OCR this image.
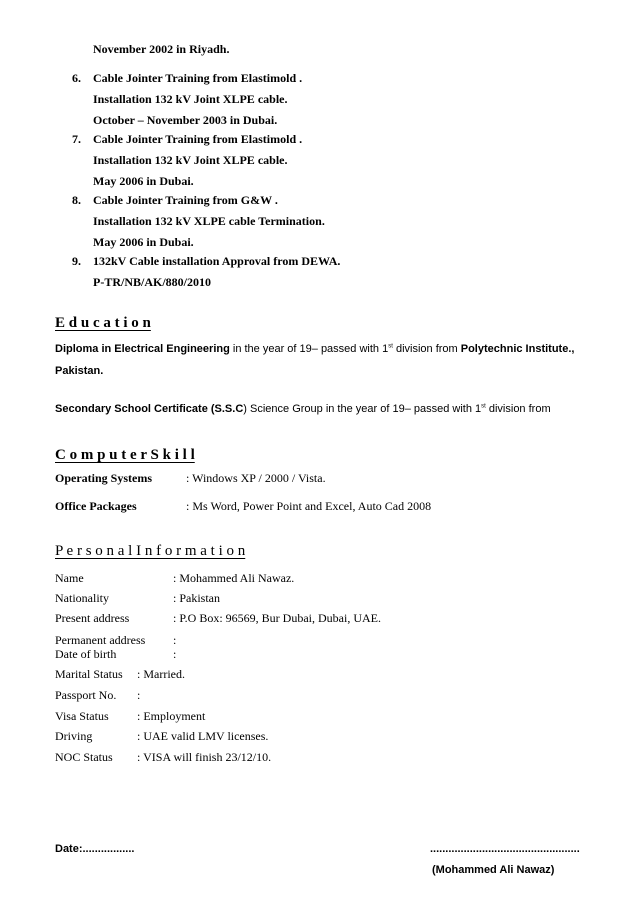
November 2002 in Riyadh.
6. Cable Jointer Training from Elastimold .
Installation 132 kV Joint XLPE cable.
October – November 2003 in Dubai.
7. Cable Jointer Training from Elastimold .
Installation 132 kV Joint XLPE cable.
May 2006 in Dubai.
8. Cable Jointer Training from G&W .
Installation 132 kV XLPE cable Termination.
May 2006 in Dubai.
9. 132kV Cable installation Approval from DEWA.
P-TR/NB/AK/880/2010
E d u c a t i o n
Diploma in Electrical Engineering in the year of 19– passed with 1st division from Polytechnic Institute.,
Pakistan.
Secondary School Certificate (S.S.C) Science Group in the year of 19– passed with 1st division from
C o m p u t e r S k i l l
Operating Systems	: Windows XP / 2000 / Vista.
Office Packages	: Ms Word, Power Point and Excel, Auto Cad 2008
P e r s o n a l I n f o r m a t i o n
Name	: Mohammed Ali Nawaz.
Nationality	: Pakistan
Present address	: P.O Box: 96569, Bur Dubai, Dubai, UAE.
Permanent address :
Date of birth	:
Marital Status : Married.
Passport No. :
Visa Status : Employment
Driving	: UAE valid LMV licenses.
NOC Status : VISA will finish 23/12/10.
Date:.................	.................................................
(Mohammed Ali Nawaz)
